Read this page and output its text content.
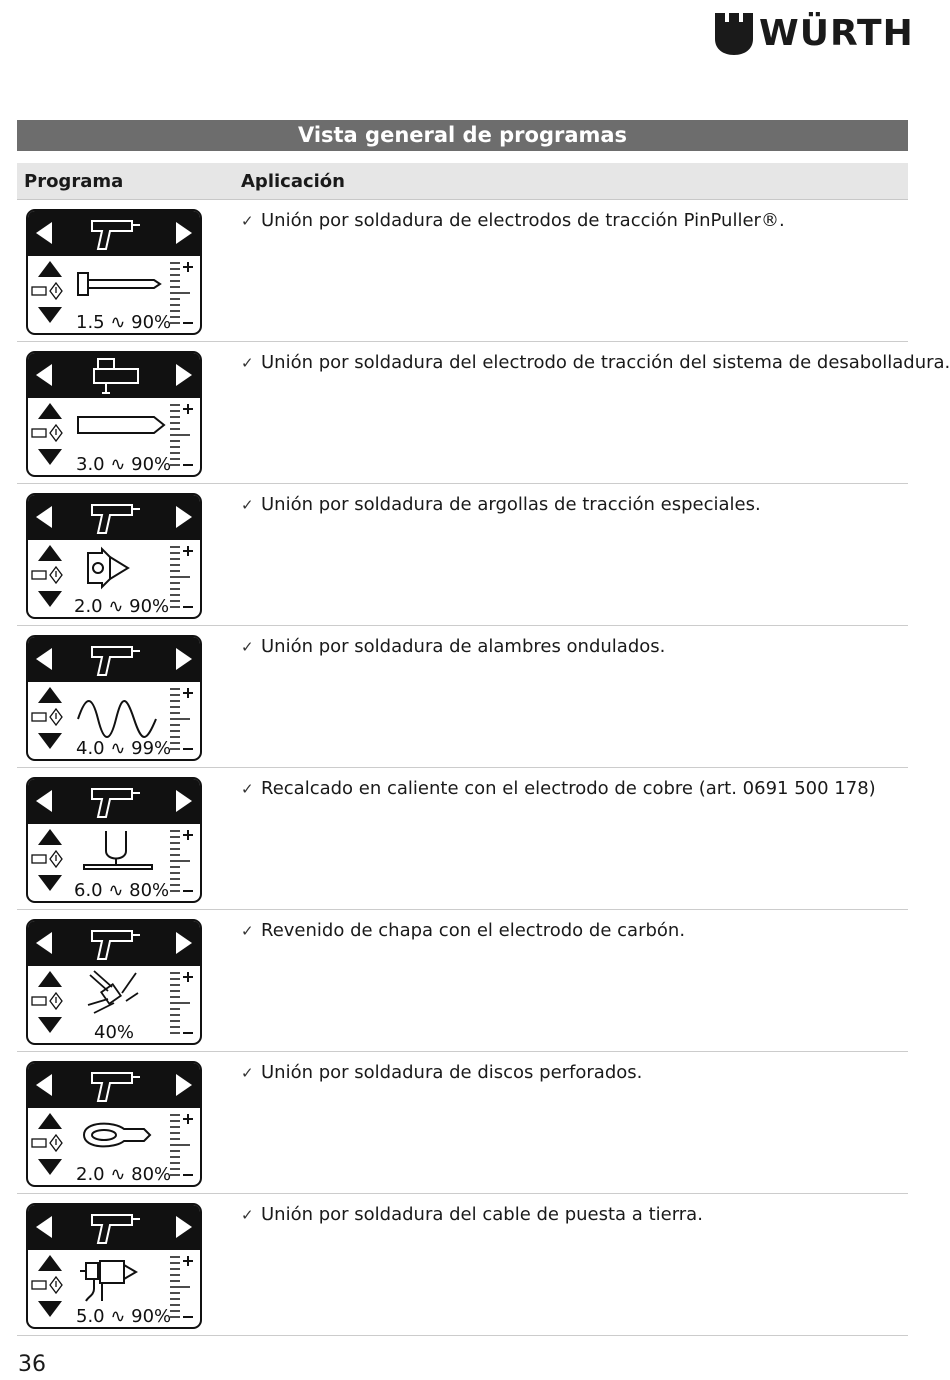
WÜRTH
Vista general de programas
Programa	Aplicación
1.5 ∿ 90%
✓ Unión por soldadura de electrodos de tracción PinPuller®.
3.0 ∿ 90%
✓ Unión por soldadura del electrodo de tracción del sistema de desabolladura.
2.0 ∿ 90%
✓ Unión por soldadura de argollas de tracción especiales.
4.0 ∿ 99%
✓ Unión por soldadura de alambres ondulados.
6.0 ∿ 80%
✓ Recalcado en caliente con el electrodo de cobre (art. 0691 500 178)
40%
✓ Revenido de chapa con el electrodo de carbón.
2.0 ∿ 80%
✓ Unión por soldadura de discos perforados.
5.0 ∿ 90%
✓ Unión por soldadura del cable de puesta a tierra.
36
